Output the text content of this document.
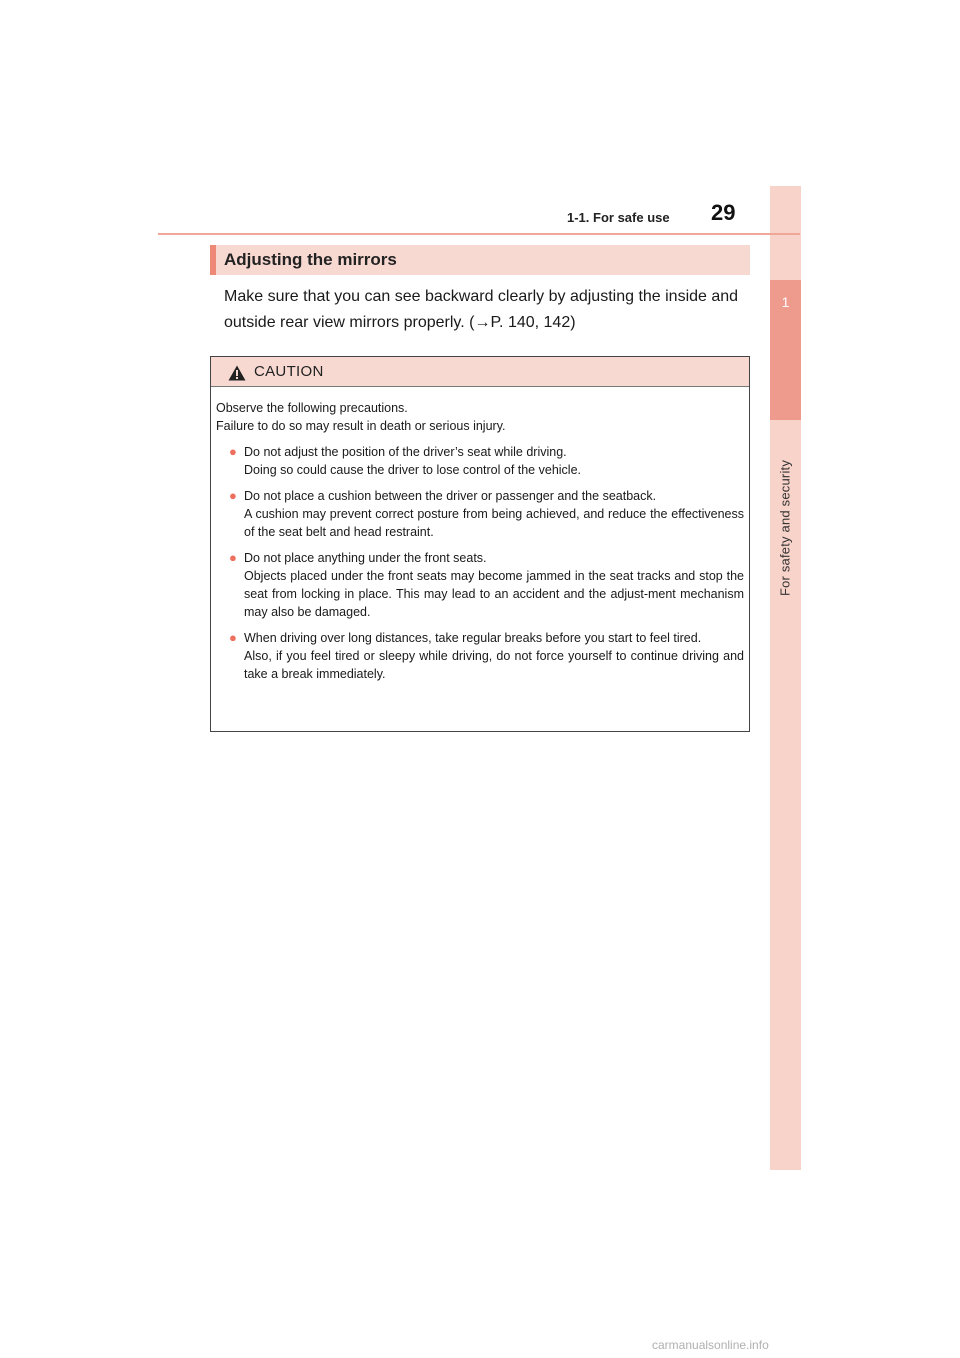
1
For safety and security
1-1. For safe use 29
Adjusting the mirrors
Make sure that you can see backward clearly by adjusting the inside and outside rear view mirrors properly. (→P. 140, 142)
CAUTION

Observe the following precautions.

Failure to do so may result in death or serious injury.

● Do not adjust the position of the driver’s seat while driving.

Doing so could cause the driver to lose control of the vehicle.

● Do not place a cushion between the driver or passenger and the seatback.

A cushion may prevent correct posture from being achieved, and reduce the effectiveness of the seat belt and head restraint.

● Do not place anything under the front seats.

Objects placed under the front seats may become jammed in the seat tracks and stop the seat from locking in place. This may lead to an accident and the adjust-ment mechanism may also be damaged.

● When driving over long distances, take regular breaks before you start to feel tired.

Also, if you feel tired or sleepy while driving, do not force yourself to continue driving and take a break immediately.

carmanualsonline.info
